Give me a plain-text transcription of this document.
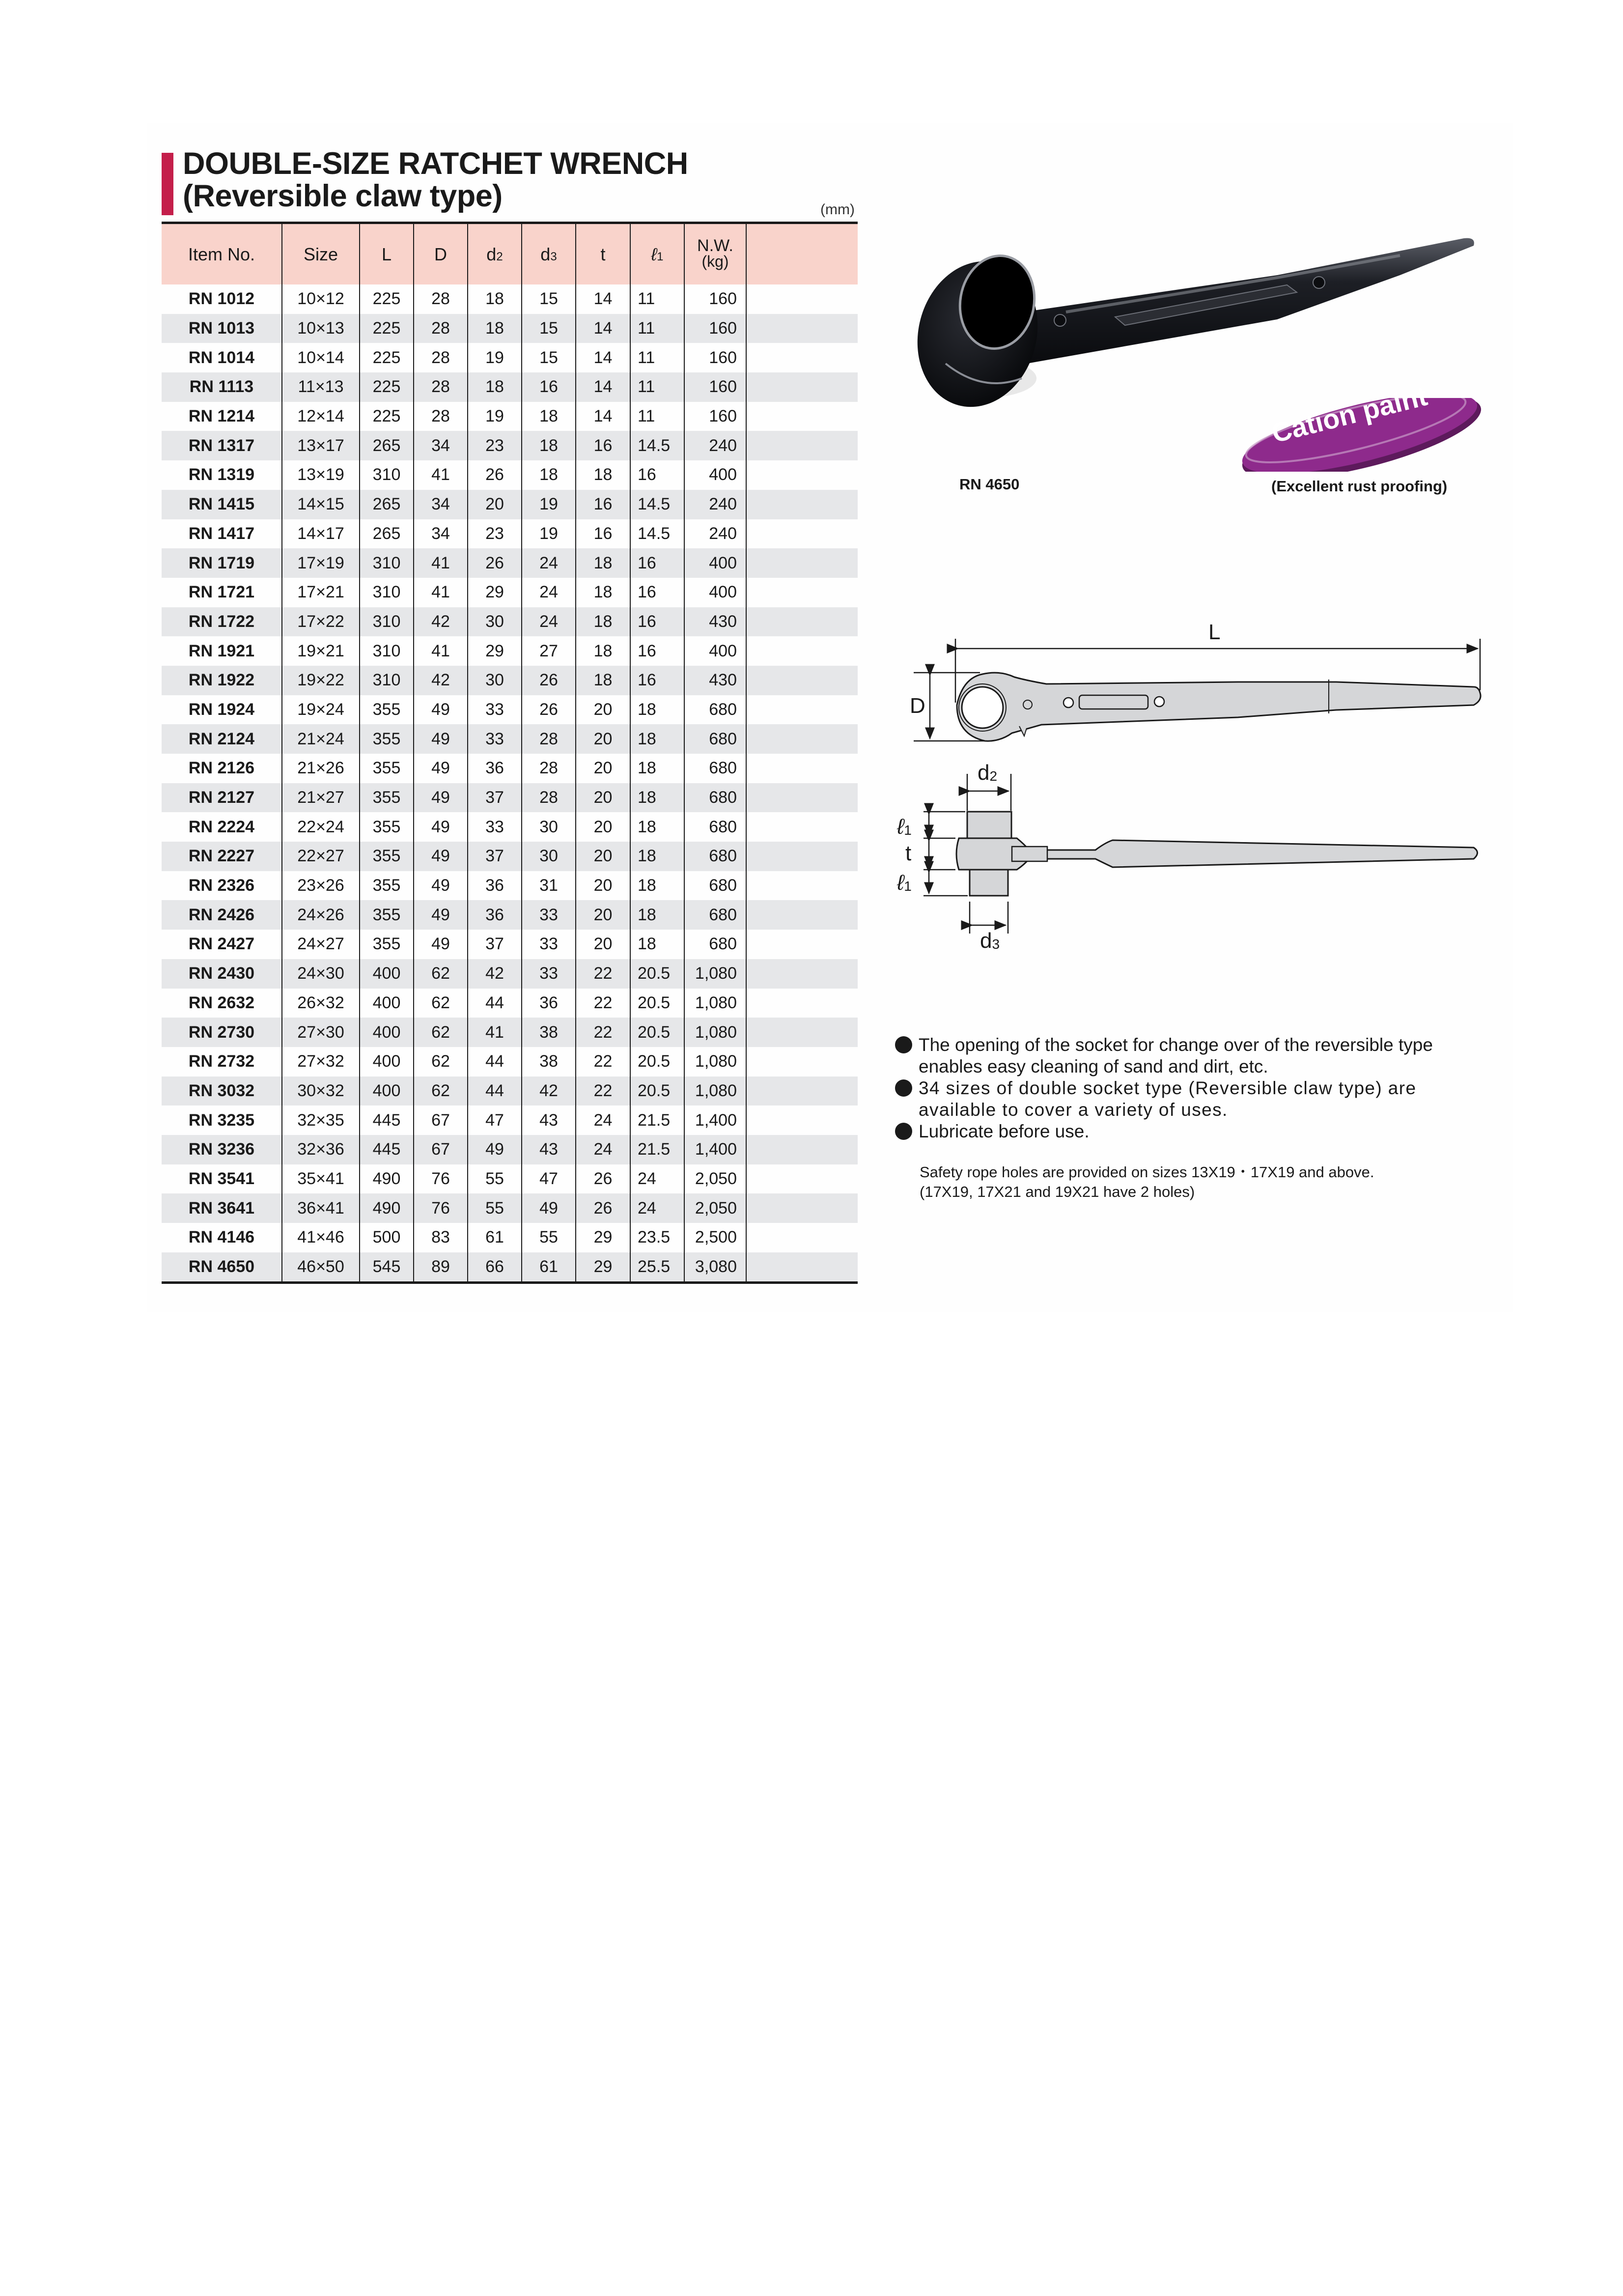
DOUBLE-SIZE RATCHET WRENCH
(Reversible claw type)	(mm)
Item No.	Size	L	D	d2	d3	t	ℓ1	N.W.
(kg)	
RN 1012	10×12	225	28	18	15	14	11	160	
RN 1013	10×13	225	28	18	15	14	11	160	
RN 1014	10×14	225	28	19	15	14	11	160	
RN 1113	11×13	225	28	18	16	14	11	160	
RN 1214	12×14	225	28	19	18	14	11	160	
RN 1317	13×17	265	34	23	18	16	14.5	240	
RN 1319	13×19	310	41	26	18	18	16	400	
RN 1415	14×15	265	34	20	19	16	14.5	240	
RN 1417	14×17	265	34	23	19	16	14.5	240	
RN 1719	17×19	310	41	26	24	18	16	400	
RN 1721	17×21	310	41	29	24	18	16	400	
RN 1722	17×22	310	42	30	24	18	16	430	
RN 1921	19×21	310	41	29	27	18	16	400	
RN 1922	19×22	310	42	30	26	18	16	430	
RN 1924	19×24	355	49	33	26	20	18	680	
RN 2124	21×24	355	49	33	28	20	18	680	
RN 2126	21×26	355	49	36	28	20	18	680	
RN 2127	21×27	355	49	37	28	20	18	680	
RN 2224	22×24	355	49	33	30	20	18	680	
RN 2227	22×27	355	49	37	30	20	18	680	
RN 2326	23×26	355	49	36	31	20	18	680	
RN 2426	24×26	355	49	36	33	20	18	680	
RN 2427	24×27	355	49	37	33	20	18	680	
RN 2430	24×30	400	62	42	33	22	20.5	1,080	
RN 2632	26×32	400	62	44	36	22	20.5	1,080	
RN 2730	27×30	400	62	41	38	22	20.5	1,080	
RN 2732	27×32	400	62	44	38	22	20.5	1,080	
RN 3032	30×32	400	62	44	42	22	20.5	1,080	
RN 3235	32×35	445	67	47	43	24	21.5	1,400	
RN 3236	32×36	445	67	49	43	24	21.5	1,400	
RN 3541	35×41	490	76	55	47	26	24	2,050	
RN 3641	36×41	490	76	55	49	26	24	2,050	
RN 4146	41×46	500	83	61	55	29	23.5	2,500	
RN 4650	46×50	545	89	66	61	29	25.5	3,080	
Cation paint
RN 4650	(Excellent rust proofing)
L
D
$d_2$
$d_3$
ℓ$_1$
t
ℓ$_1$

The opening of the socket for change over of the reversible type enables easy cleaning of sand and dirt, etc.

34 sizes of double socket type (Reversible claw type) are available to cover a variety of uses.

Lubricate before use.

Safety rope holes are provided on sizes 13X19・17X19 and above.
(17X19, 17X21 and 19X21 have 2 holes)
